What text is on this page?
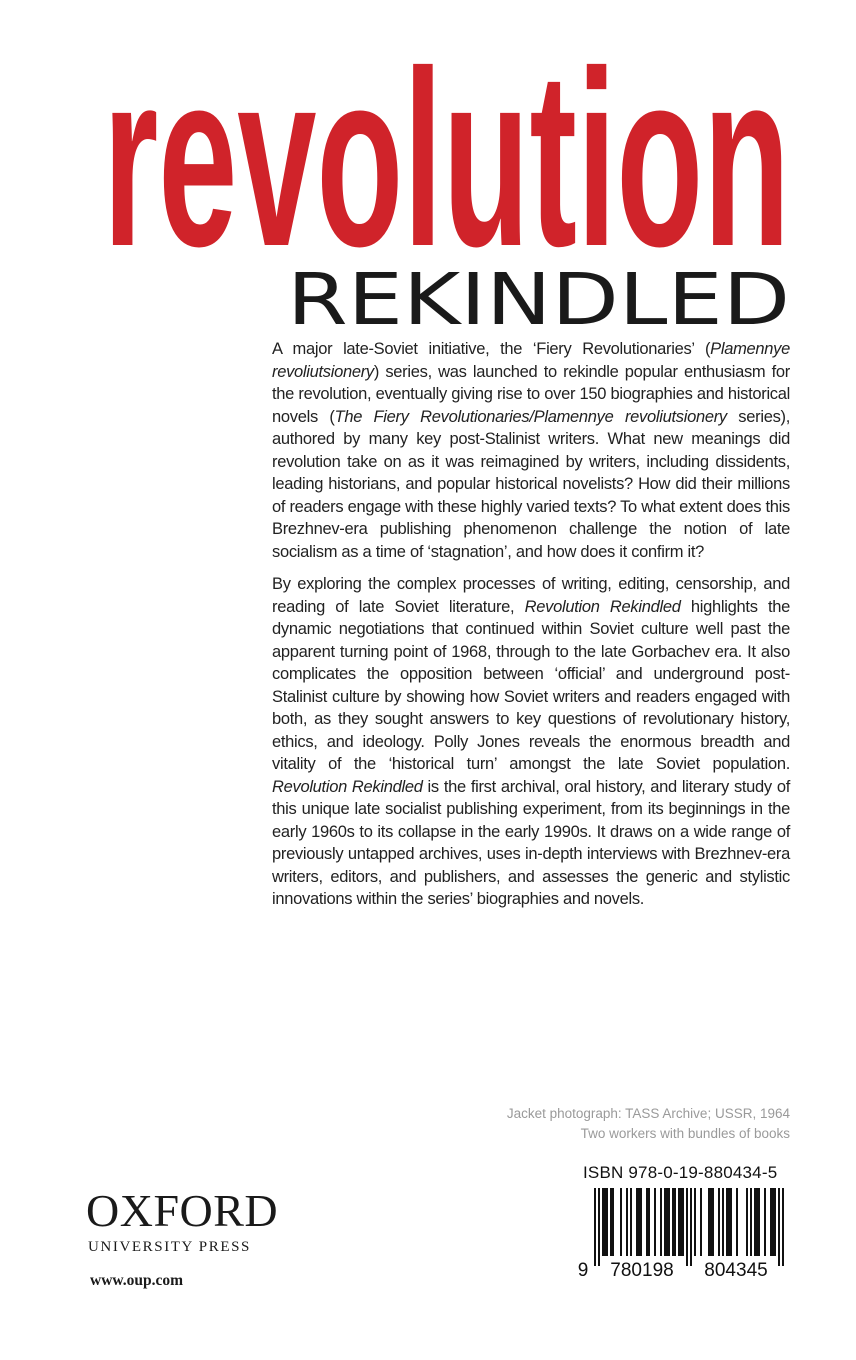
revolution
REKINDLED

A major late-Soviet initiative, the ‘Fiery Revolutionaries’ (Plamennye revoliutsionery) series, was launched to rekindle popular enthusiasm for the revolution, eventually giving rise to over 150 biographies and historical novels (The Fiery Revolutionaries/Plamennye revoliutsionery series), authored by many key post-Stalinist writers. What new meanings did revolution take on as it was reimagined by writers, including dissidents, leading historians, and popular historical novelists? How did their millions of readers engage with these highly varied texts? To what extent does this Brezhnev-era publishing phenomenon challenge the notion of late socialism as a time of ‘stagnation’, and how does it confirm it?

By exploring the complex processes of writing, editing, censorship, and reading of late Soviet literature, Revolution Rekindled highlights the dynamic negotiations that continued within Soviet culture well past the apparent turning point of 1968, through to the late Gorbachev era. It also complicates the opposition between ‘official’ and underground post-Stalinist culture by showing how Soviet writers and readers engaged with both, as they sought answers to key questions of revolutionary history, ethics, and ideology. Polly Jones reveals the enormous breadth and vitality of the ‘historical turn’ amongst the late Soviet population. Revolution Rekindled is the first archival, oral history, and literary study of this unique late socialist publishing experiment, from its beginnings in the early 1960s to its collapse in the early 1990s. It draws on a wide range of previously untapped archives, uses in-depth interviews with Brezhnev-era writers, editors, and publishers, and assesses the generic and stylistic innovations within the series’ biographies and novels.

Jacket photograph: TASS Archive; USSR, 1964
Two workers with bundles of books
ISBN 978-0-19-880434-5
9 780198 804345
OXFORD
UNIVERSITY PRESS
www.oup.com
